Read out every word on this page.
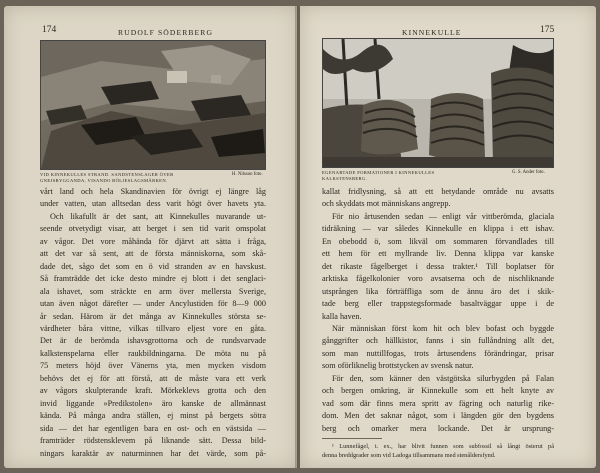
174	RUDOLF SÖDERBERG
VID KINNEKULLES STRAND. SANDSTENSLAGER ÖVER
GNEJSBYGGANDA, VISANDO BÖLJESLAGSMÄRKEN.
H. Nilsson foto.
vårt land och hela Skandinavien för övrigt ej längre låg
under vatten, utan alltsedan dess varit högt över havets yta.
Och likafullt är det sant, att Kinnekulles nuvarande ut-
seende otvetydigt visar, att berget i sen tid varit omspolat
av vågor. Det vore måhända för djärvt att sätta i fråga,
att det var så sent, att de första människorna, som skå-
dade det, sågo det som en ö vid stranden av en havskust.
Så framträdde det icke desto mindre ej blott i det senglaci-
ala ishavet, som sträckte en arm över mellersta Sverige,
utan även något därefter — under Ancylustiden för 8—9 000
år sedan. Härom är det många av Kinnekulles största se-
värdheter båra vittne, vilkas tillvaro eljest vore en gåta.
Det är de berömda ishavsgrottorna och de rundsvarvade
kalkstenspelarna eller raukbildningarna. De möta nu på
75 meters höjd över Vänerns yta, men mycken visdom
behövs det ej för att förstå, att de måste vara ett verk
av vågors skulpterande kraft. Mörkeklevs grotta och den
invid liggande »Predikstolen» äro kanske de allmännast
kända. På många andra ställen, ej minst på bergets sötra
sida — det har egentligen bara en ost- och en västsida —
framträder rödstensklevem på liknande sätt. Dessa bild-
ningars karaktär av naturminnen har det värde, som på-
KINNEKULLE	175
EGENARTADE FORMATIONER I KINNEKULLES
KALKSTENSBERG.
G. S. Ander foto.
kallat fridlysning, så att ett betydande område nu avsatts
och skyddats mot människans angrepp.
För nio årtusenden sedan — enligt vår vittberömda, glaciala
tidräkning — var således Kinnekulle en klippa i ett ishav.
En obebodd ö, som likväl om sommaren förvandlades till
ett hem för ett myllrande liv. Denna klippa var kanske
det rikaste fågelberget i dessa trakter.¹ Till boplatser för
arktiska fågelkolonier voro avsatserna och de nischliknande
utsprången lika förträffliga som de ännu äro det i skik-
tade berg eller trappstegsformade basaltväggar uppe i de
kalla haven.
När människan först kom hit och blev bofast och byggde
gånggrifter och hällkistor, fanns i sin fullåndning allt det,
som man nuttillfogas, trots årtusendens förändringar, prisar
som oförliknelig brottstycken av svensk natur.
För den, som känner den västgötska silurbygden på Falan
och bergen omkring, är Kinnekulle som ett helt knyte av
vad som där finns mera spritt av fägring och naturlig rike-
dom. Men det saknar något, som i längden gör den bygdens
berg och omarker mera lockande. Det är ursprung-
¹ Lunnefågel, t. ex., har blivit funnen som subfossil så långt österut på
denna breddgrader som vid Ladoga tillsammans med stenåldersfynd.
